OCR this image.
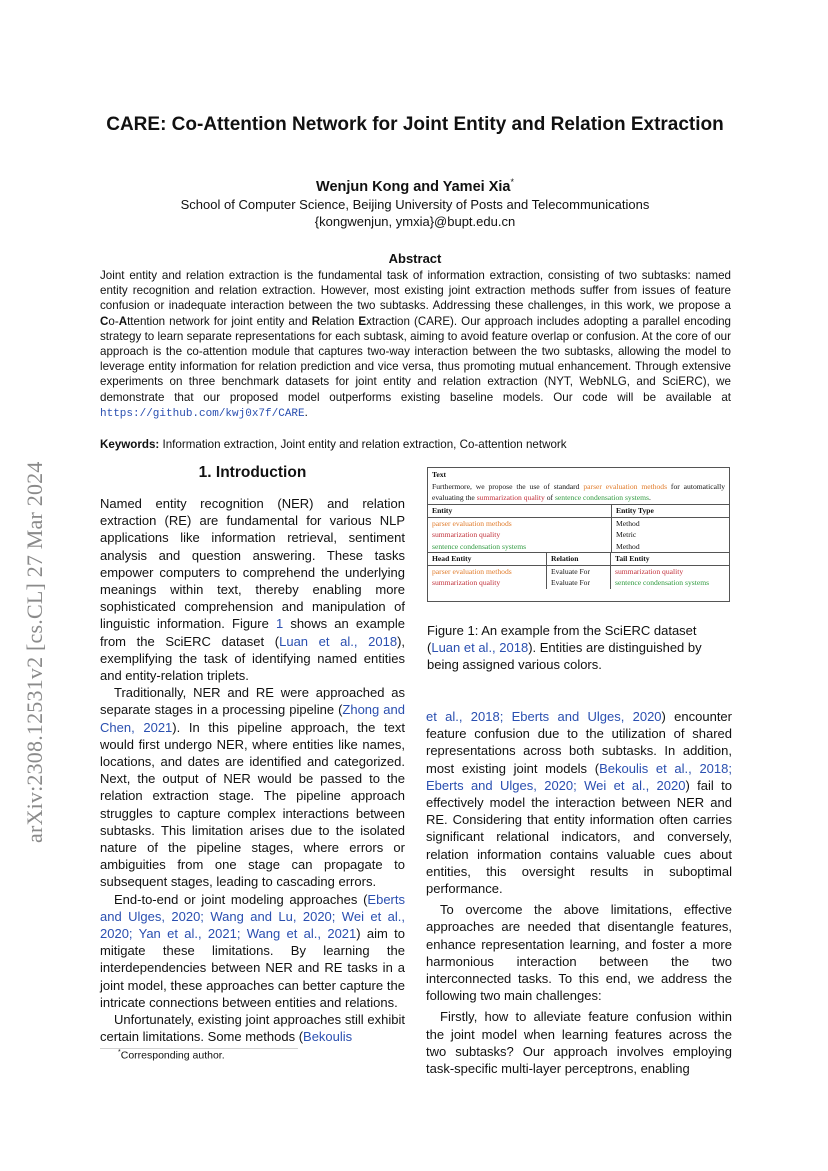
arXiv:2308.12531v2 [cs.CL] 27 Mar 2024
CARE: Co-Attention Network for Joint Entity and Relation Extraction
Wenjun Kong and Yamei Xia*
School of Computer Science, Beijing University of Posts and Telecommunications
{kongwenjun, ymxia}@bupt.edu.cn
Abstract
Joint entity and relation extraction is the fundamental task of information extraction, consisting of two subtasks: named entity recognition and relation extraction. However, most existing joint extraction methods suffer from issues of feature confusion or inadequate interaction between the two subtasks. Addressing these challenges, in this work, we propose a Co-Attention network for joint entity and Relation Extraction (CARE). Our approach includes adopting a parallel encoding strategy to learn separate representations for each subtask, aiming to avoid feature overlap or confusion. At the core of our approach is the co-attention module that captures two-way interaction between the two subtasks, allowing the model to leverage entity information for relation prediction and vice versa, thus promoting mutual enhancement. Through extensive experiments on three benchmark datasets for joint entity and relation extraction (NYT, WebNLG, and SciERC), we demonstrate that our proposed model outperforms existing baseline models. Our code will be available at https://github.com/kwj0x7f/CARE.
Keywords: Information extraction, Joint entity and relation extraction, Co-attention network
1. Introduction

Named entity recognition (NER) and relation extraction (RE) are fundamental for various NLP applications like information retrieval, sentiment analysis and question answering. These tasks empower computers to comprehend the underlying meanings within text, thereby enabling more sophisticated comprehension and manipulation of linguistic information. Figure 1 shows an example from the SciERC dataset (Luan et al., 2018), exemplifying the task of identifying named entities and entity-relation triplets.

Traditionally, NER and RE were approached as separate stages in a processing pipeline (Zhong and Chen, 2021). In this pipeline approach, the text would first undergo NER, where entities like names, locations, and dates are identified and categorized. Next, the output of NER would be passed to the relation extraction stage. The pipeline approach struggles to capture complex interactions between subtasks. This limitation arises due to the isolated nature of the pipeline stages, where errors or ambiguities from one stage can propagate to subsequent stages, leading to cascading errors.

End-to-end or joint modeling approaches (Eberts and Ulges, 2020; Wang and Lu, 2020; Wei et al., 2020; Yan et al., 2021; Wang et al., 2021) aim to mitigate these limitations. By learning the interdependencies between NER and RE tasks in a joint model, these approaches can better capture the intricate connections between entities and relations.

Unfortunately, existing joint approaches still exhibit certain limitations. Some methods (Bekoulis

Text
Furthermore, we propose the use of standard parser evaluation methods for automatically evaluating the summarization quality of sentence condensation systems.
Entity	Entity Type
parser evaluation methods	Method
summarization quality	Metric
sentence condensation systems	Method
Head Entity	Relation	Tail Entity
parser evaluation methods	Evaluate For	summarization quality
summarization quality	Evaluate For	sentence condensation systems
Figure 1: An example from the SciERC dataset (Luan et al., 2018). Entities are distinguished by being assigned various colors.

et al., 2018; Eberts and Ulges, 2020) encounter feature confusion due to the utilization of shared representations across both subtasks. In addition, most existing joint models (Bekoulis et al., 2018; Eberts and Ulges, 2020; Wei et al., 2020) fail to effectively model the interaction between NER and RE. Considering that entity information often carries significant relational indicators, and conversely, relation information contains valuable cues about entities, this oversight results in suboptimal performance.

To overcome the above limitations, effective approaches are needed that disentangle features, enhance representation learning, and foster a more harmonious interaction between the two interconnected tasks. To this end, we address the following two main challenges:

Firstly, how to alleviate feature confusion within the joint model when learning features across the two subtasks? Our approach involves employing task-specific multi-layer perceptrons, enabling

*Corresponding author.
